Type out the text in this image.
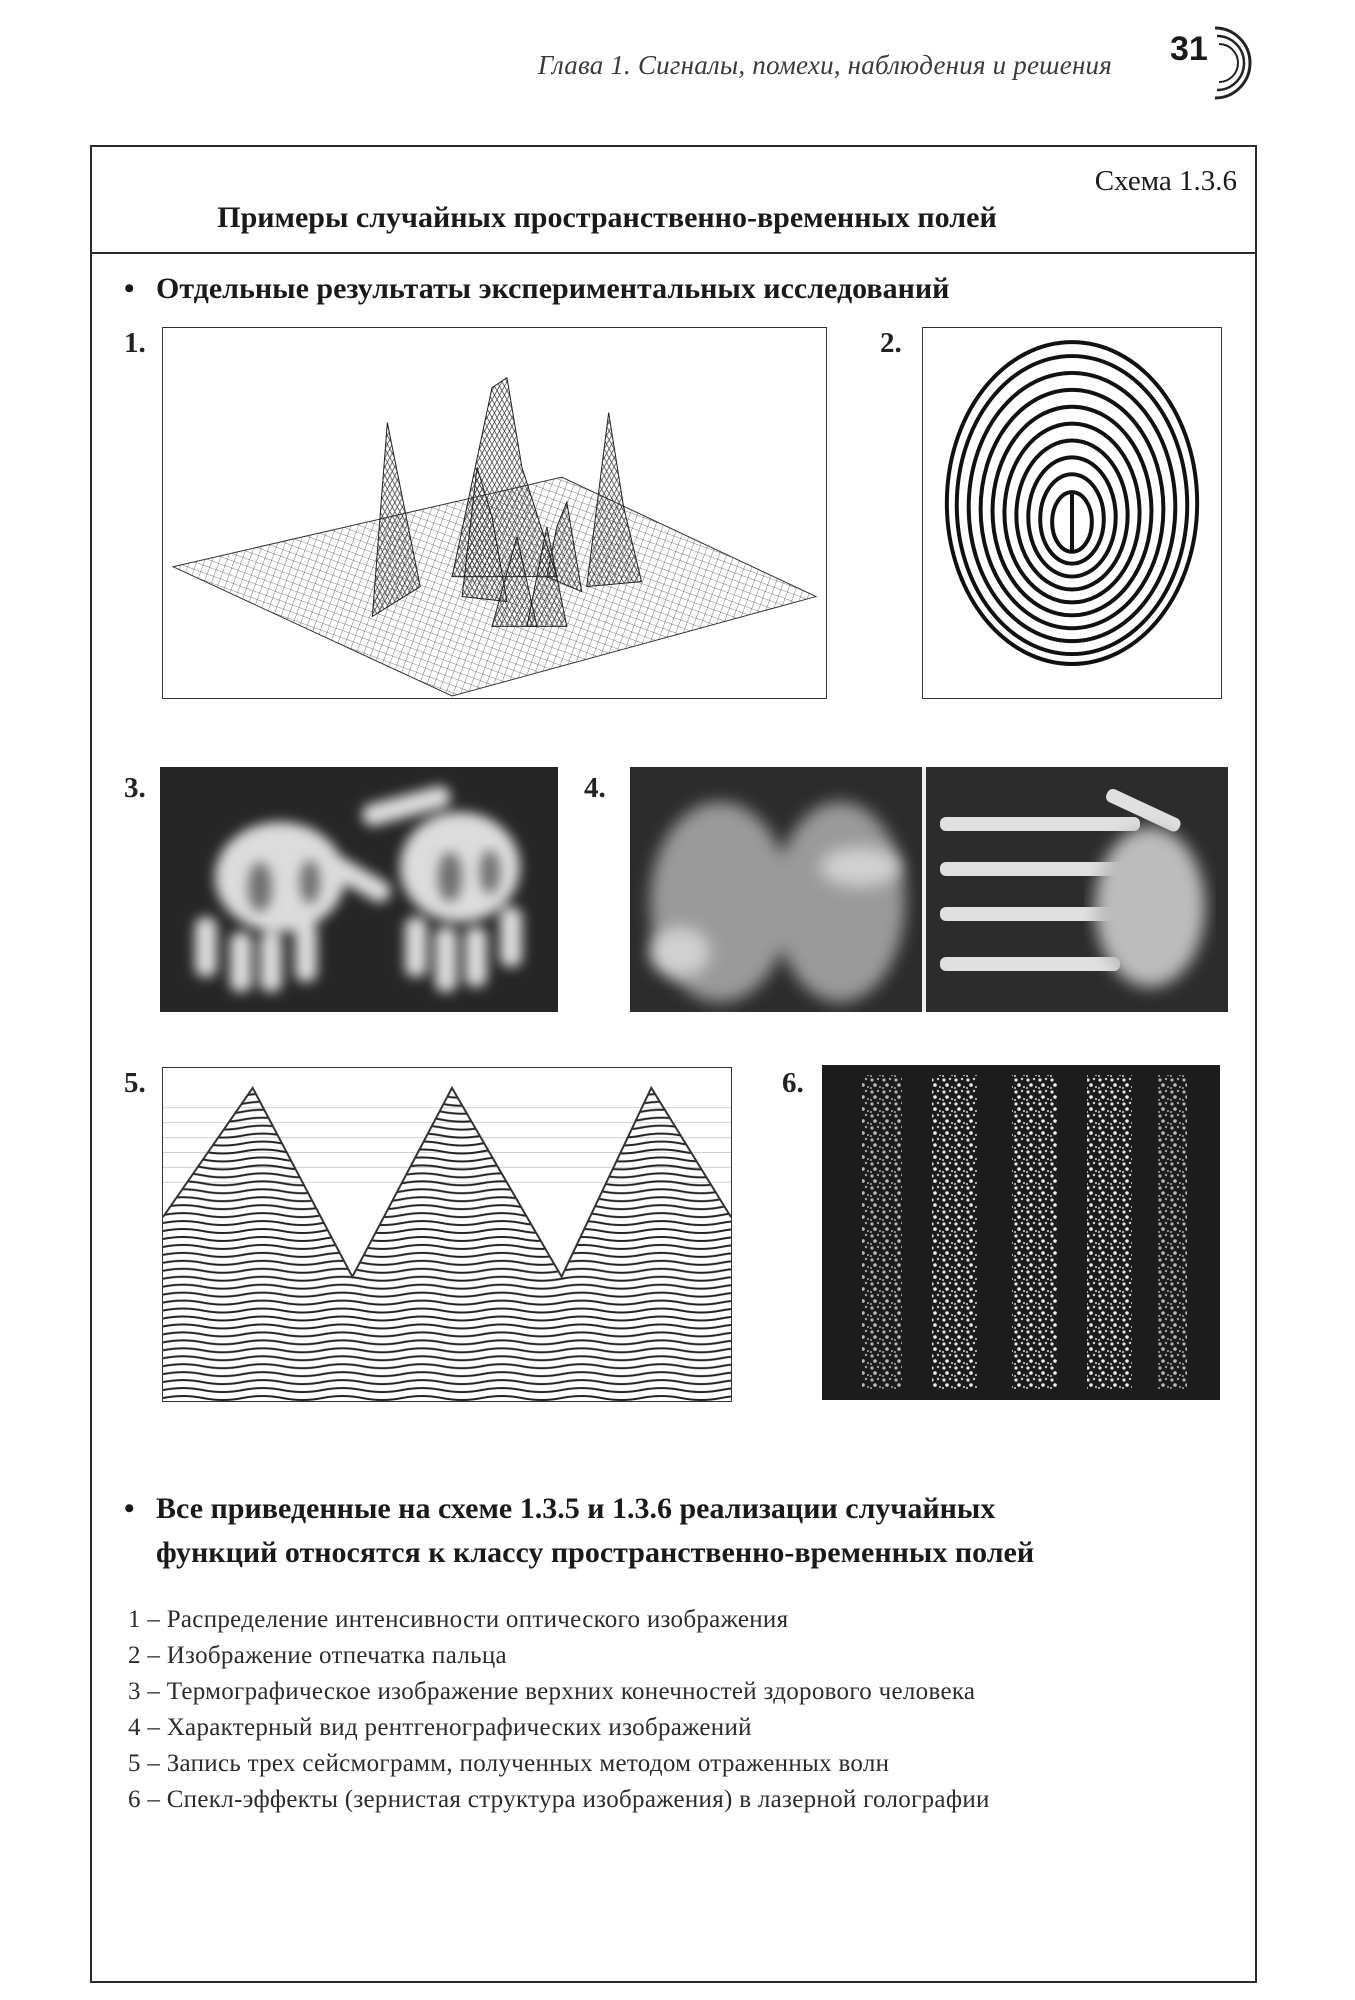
Глава 1. Сигналы, помехи, наблюдения и решения 31
Схема 1.3.6
Примеры случайных пространственно-временных полей
• Отдельные результаты экспериментальных исследований
1.	2.
3.	4.
5.	6.
• Все приведенные на схеме 1.3.5 и 1.3.6 реализации случайных
функций относятся к классу пространственно-временных полей
1 – Распределение интенсивности оптического изображения
2 – Изображение отпечатка пальца
3 – Термографическое изображение верхних конечностей здорового человека
4 – Характерный вид рентгенографических изображений
5 – Запись трех сейсмограмм, полученных методом отраженных волн
6 – Спекл-эффекты (зернистая структура изображения) в лазерной голографии
